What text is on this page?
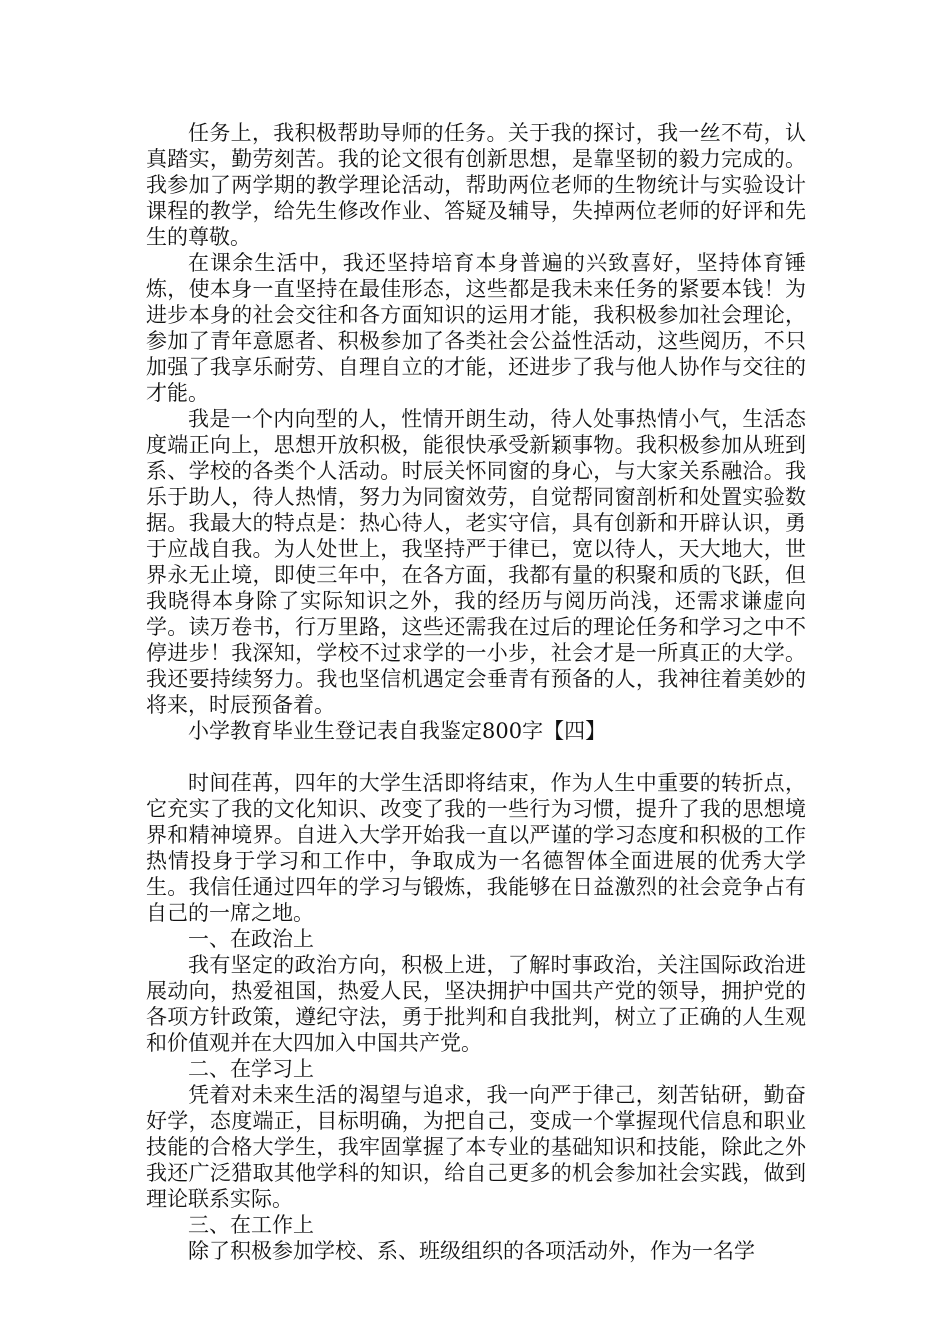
任务上，我积极帮助导师的任务。关于我的探讨，我一丝不苟，认真踏实，勤劳刻苦。我的论文很有创新思想，是靠坚韧的毅力完成的。我参加了两学期的教学理论活动，帮助两位老师的生物统计与实验设计课程的教学，给先生修改作业、答疑及辅导，失掉两位老师的好评和先生的尊敬。

在课余生活中，我还坚持培育本身普遍的兴致喜好，坚持体育锤炼，使本身一直坚持在最佳形态，这些都是我未来任务的紧要本钱！为进步本身的社会交往和各方面知识的运用才能，我积极参加社会理论，参加了青年意愿者、积极参加了各类社会公益性活动，这些阅历，不只加强了我享乐耐劳、自理自立的才能，还进步了我与他人协作与交往的才能。

我是一个内向型的人，性情开朗生动，待人处事热情小气，生活态度端正向上，思想开放积极，能很快承受新颖事物。我积极参加从班到系、学校的各类个人活动。时辰关怀同窗的身心，与大家关系融洽。我乐于助人，待人热情，努力为同窗效劳，自觉帮同窗剖析和处置实验数据。我最大的特点是：热心待人，老实守信，具有创新和开辟认识，勇于应战自我。为人处世上，我坚持严于律已，宽以待人，天大地大，世界永无止境，即使三年中，在各方面，我都有量的积聚和质的飞跃，但我晓得本身除了实际知识之外，我的经历与阅历尚浅，还需求谦虚向学。读万卷书，行万里路，这些还需我在过后的理论任务和学习之中不停进步！我深知，学校不过求学的一小步，社会才是一所真正的大学。我还要持续努力。我也坚信机遇定会垂青有预备的人，我神往着美妙的将来，时辰预备着。

小学教育毕业生登记表自我鉴定800字【四】

时间荏苒，四年的大学生活即将结束，作为人生中重要的转折点，它充实了我的文化知识、改变了我的一些行为习惯，提升了我的思想境界和精神境界。自进入大学开始我一直以严谨的学习态度和积极的工作热情投身于学习和工作中，争取成为一名德智体全面进展的优秀大学生。我信任通过四年的学习与锻炼，我能够在日益激烈的社会竞争占有自己的一席之地。

一、在政治上

我有坚定的政治方向，积极上进，了解时事政治，关注国际政治进展动向，热爱祖国，热爱人民，坚决拥护中国共产党的领导，拥护党的各项方针政策，遵纪守法，勇于批判和自我批判，树立了正确的人生观和价值观并在大四加入中国共产党。

二、在学习上

凭着对未来生活的渴望与追求，我一向严于律己，刻苦钻研，勤奋好学，态度端正，目标明确，为把自己，变成一个掌握现代信息和职业技能的合格大学生，我牢固掌握了本专业的基础知识和技能，除此之外我还广泛猎取其他学科的知识，给自己更多的机会参加社会实践，做到理论联系实际。

三、在工作上

除了积极参加学校、系、班级组织的各项活动外，作为一名学
